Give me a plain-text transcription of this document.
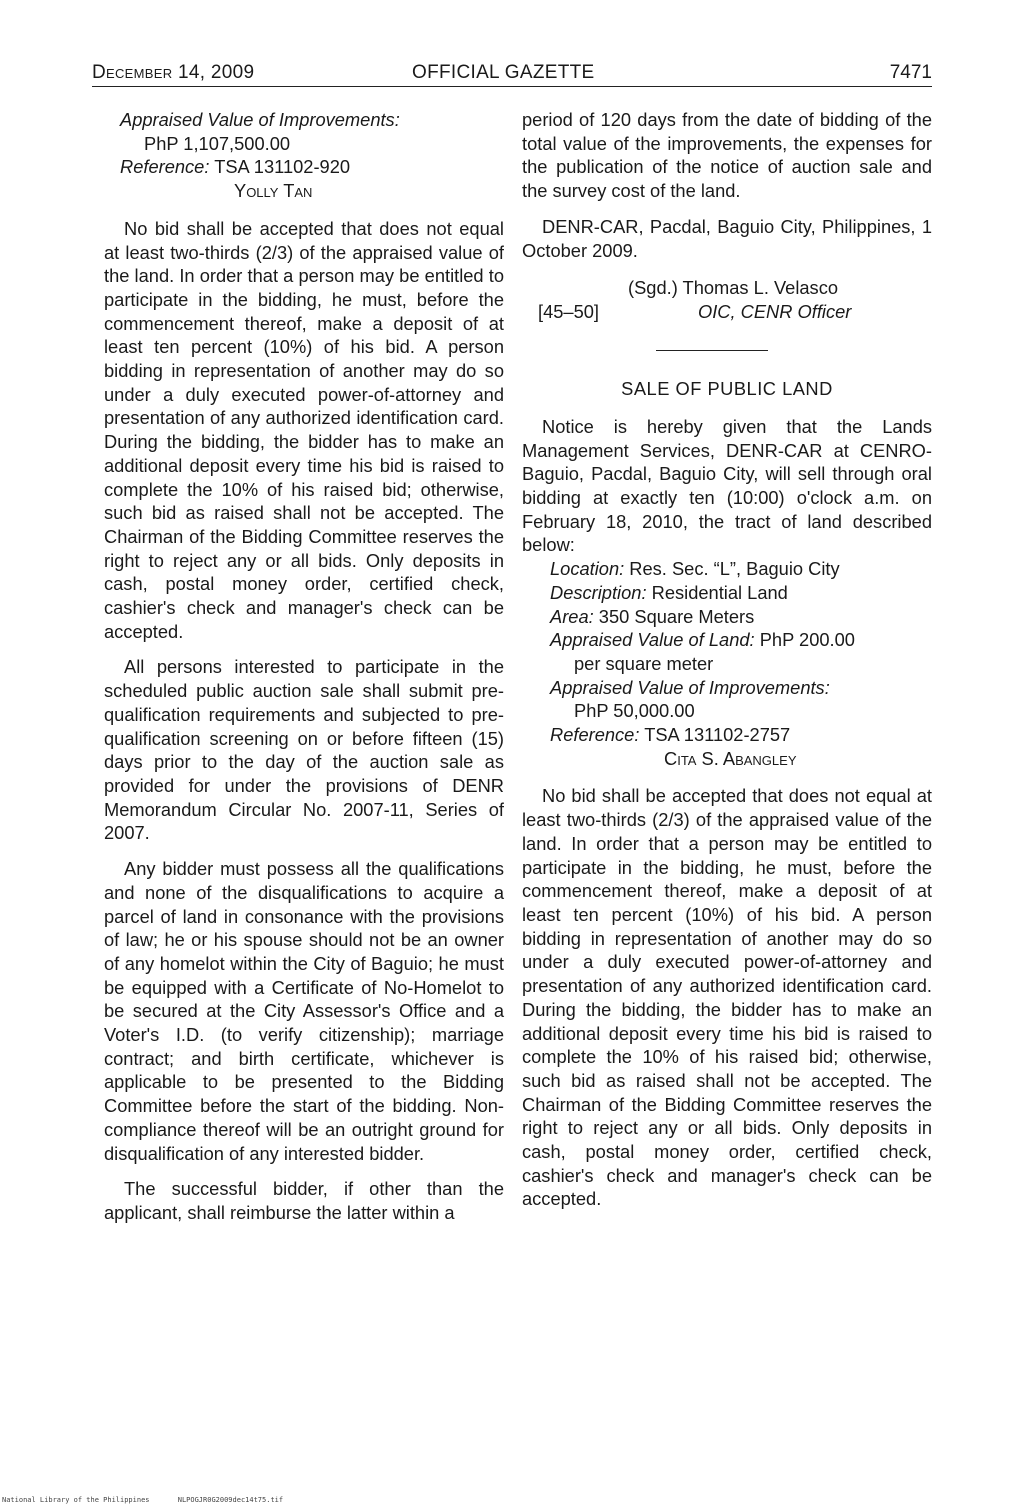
December 14, 2009	OFFICIAL GAZETTE	7471

Appraised Value of Improvements:
PhP 1,107,500.00

Reference: TSA 131102-920
Yolly Tan

No bid shall be accepted that does not equal at least two-thirds (2/3) of the appraised value of the land. In order that a person may be entitled to participate in the bidding, he must, before the commencement thereof, make a deposit of at least ten percent (10%) of his bid. A person bidding in representation of another may do so under a duly executed power-of-attorney and presentation of any authorized identification card. During the bidding, the bidder has to make an additional deposit every time his bid is raised to complete the 10% of his raised bid; otherwise, such bid as raised shall not be accepted. The Chairman of the Bidding Committee reserves the right to reject any or all bids. Only deposits in cash, postal money order, certified check, cashier's check and manager's check can be accepted.

All persons interested to participate in the scheduled public auction sale shall submit pre-qualification requirements and subjected to pre-qualification screening on or before fifteen (15) days prior to the day of the auction sale as provided for under the provisions of DENR Memorandum Circular No. 2007-11, Series of 2007.

Any bidder must possess all the qualifications and none of the disqualifications to acquire a parcel of land in consonance with the provisions of law; he or his spouse should not be an owner of any homelot within the City of Baguio; he must be equipped with a Certificate of No-Homelot to be secured at the City Assessor's Office and a Voter's I.D. (to verify citizenship); marriage contract; and birth certificate, whichever is applicable to be presented to the Bidding Committee before the start of the bidding. Non-compliance thereof will be an outright ground for disqualification of any interested bidder.

The successful bidder, if other than the applicant, shall reimburse the latter within a

period of 120 days from the date of bidding of the total value of the improvements, the expenses for the publication of the notice of auction sale and the survey cost of the land.

DENR-CAR, Pacdal, Baguio City, Philippines, 1 October 2009.

(Sgd.) Thomas L. Velasco
[45–50]	OIC, CENR Officer
SALE OF PUBLIC LAND

Notice is hereby given that the Lands Management Services, DENR-CAR at CENRO-Baguio, Pacdal, Baguio City, will sell through oral bidding at exactly ten (10:00) o'clock a.m. on February 18, 2010, the tract of land described below:

Location: Res. Sec. “L”, Baguio City

Description: Residential Land

Area: 350 Square Meters

Appraised Value of Land: PhP 200.00
per square meter

Appraised Value of Improvements:
PhP 50,000.00

Reference: TSA 131102-2757
Cita S. Abangley

No bid shall be accepted that does not equal at least two-thirds (2/3) of the appraised value of the land. In order that a person may be entitled to participate in the bidding, he must, before the commencement thereof, make a deposit of at least ten percent (10%) of his bid. A person bidding in representation of another may do so under a duly executed power-of-attorney and presentation of any authorized identification card. During the bidding, the bidder has to make an additional deposit every time his bid is raised to complete the 10% of his raised bid; otherwise, such bid as raised shall not be accepted. The Chairman of the Bidding Committee reserves the right to reject any or all bids. Only deposits in cash, postal money order, certified check, cashier's check and manager's check can be accepted.

National Library of the Philippines	NLPOGJR0G2009dec14t75.tif
